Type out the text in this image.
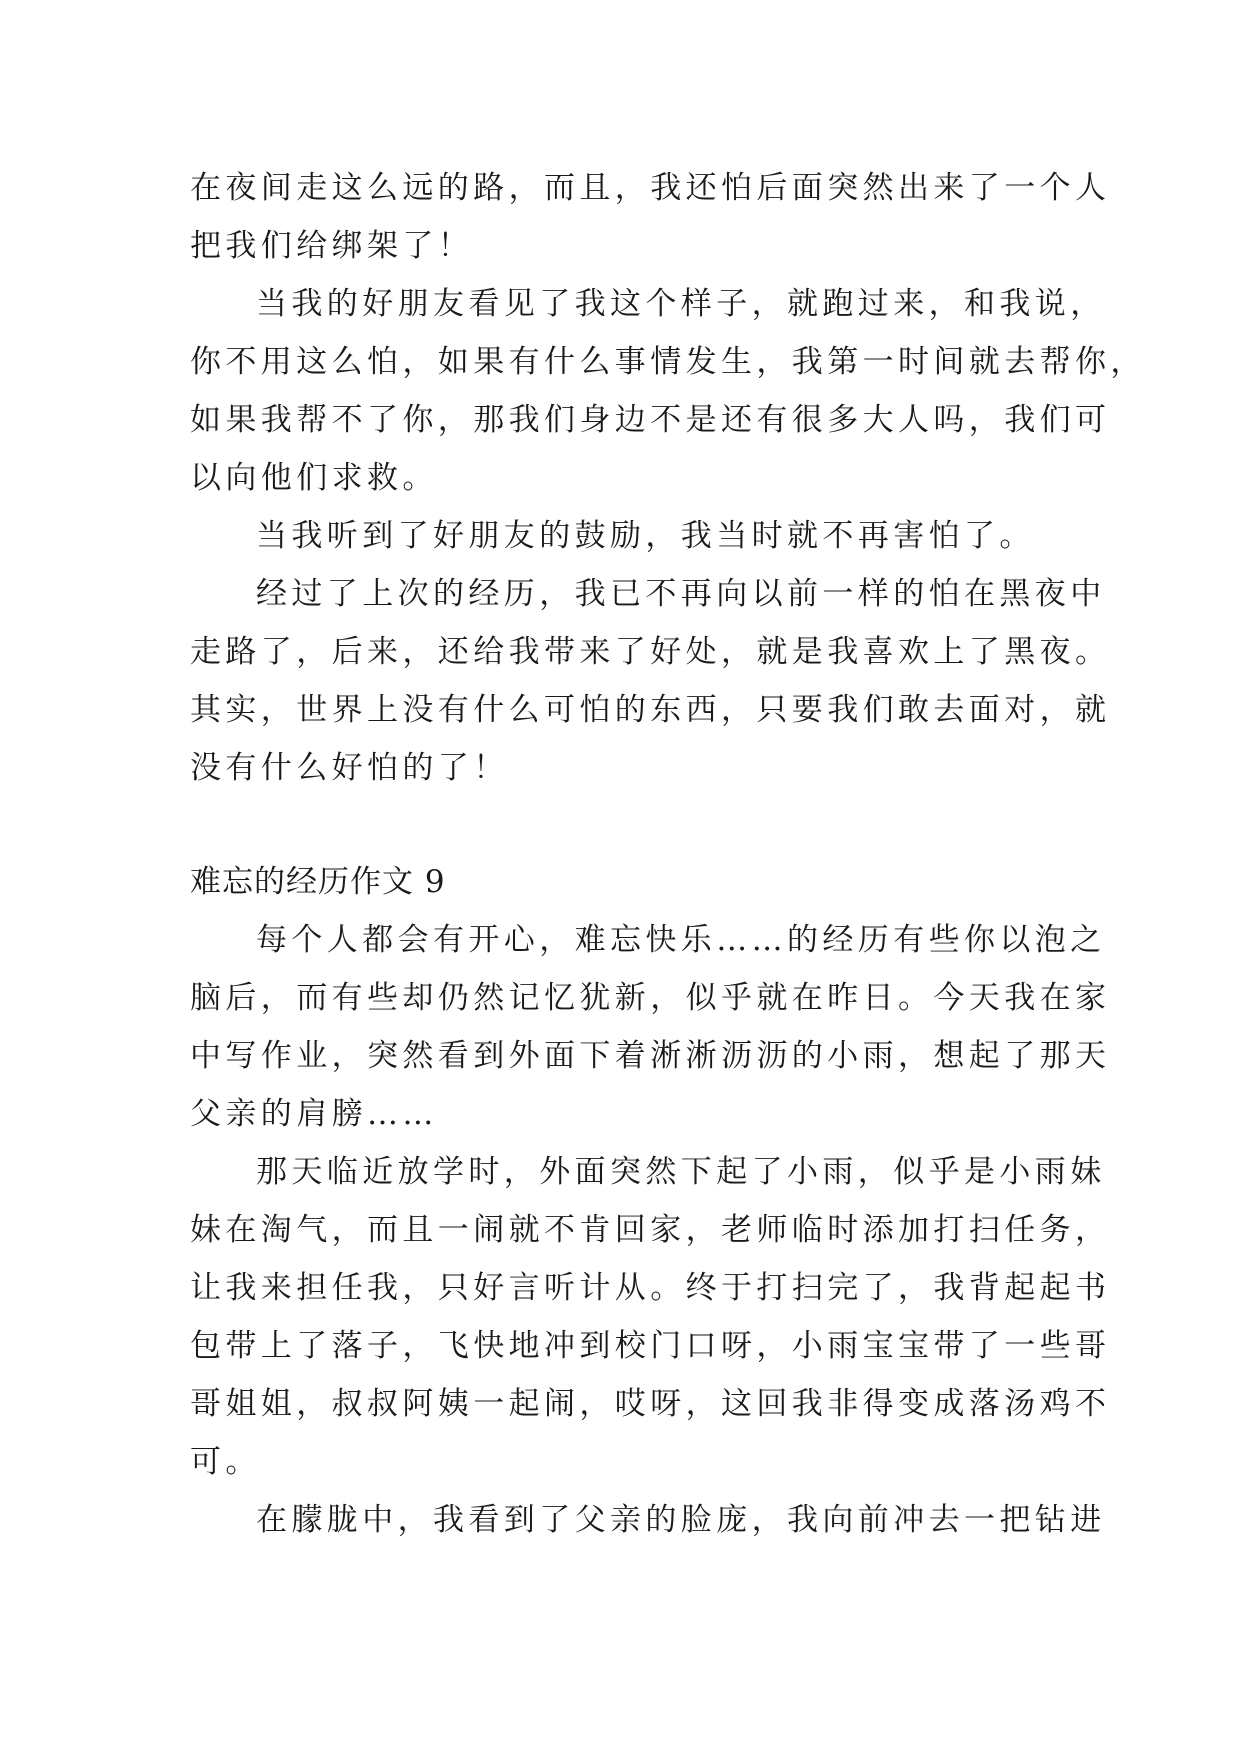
在夜间走这么远的路，而且，我还怕后面突然出来了一个人
把我们给绑架了！
当我的好朋友看见了我这个样子，就跑过来，和我说，
你不用这么怕，如果有什么事情发生，我第一时间就去帮你，
如果我帮不了你，那我们身边不是还有很多大人吗，我们可
以向他们求救。
当我听到了好朋友的鼓励，我当时就不再害怕了。
经过了上次的经历，我已不再向以前一样的怕在黑夜中
走路了，后来，还给我带来了好处，就是我喜欢上了黑夜。
其实，世界上没有什么可怕的东西，只要我们敢去面对，就
没有什么好怕的了！
难忘的经历作文 9
每个人都会有开心，难忘快乐……的经历有些你以泡之
脑后，而有些却仍然记忆犹新，似乎就在昨日。今天我在家
中写作业，突然看到外面下着淅淅沥沥的小雨，想起了那天
父亲的肩膀……
那天临近放学时，外面突然下起了小雨，似乎是小雨妹
妹在淘气，而且一闹就不肯回家，老师临时添加打扫任务，
让我来担任我，只好言听计从。终于打扫完了，我背起起书
包带上了落子，飞快地冲到校门口呀，小雨宝宝带了一些哥
哥姐姐，叔叔阿姨一起闹，哎呀，这回我非得变成落汤鸡不
可。
在朦胧中，我看到了父亲的脸庞，我向前冲去一把钻进
